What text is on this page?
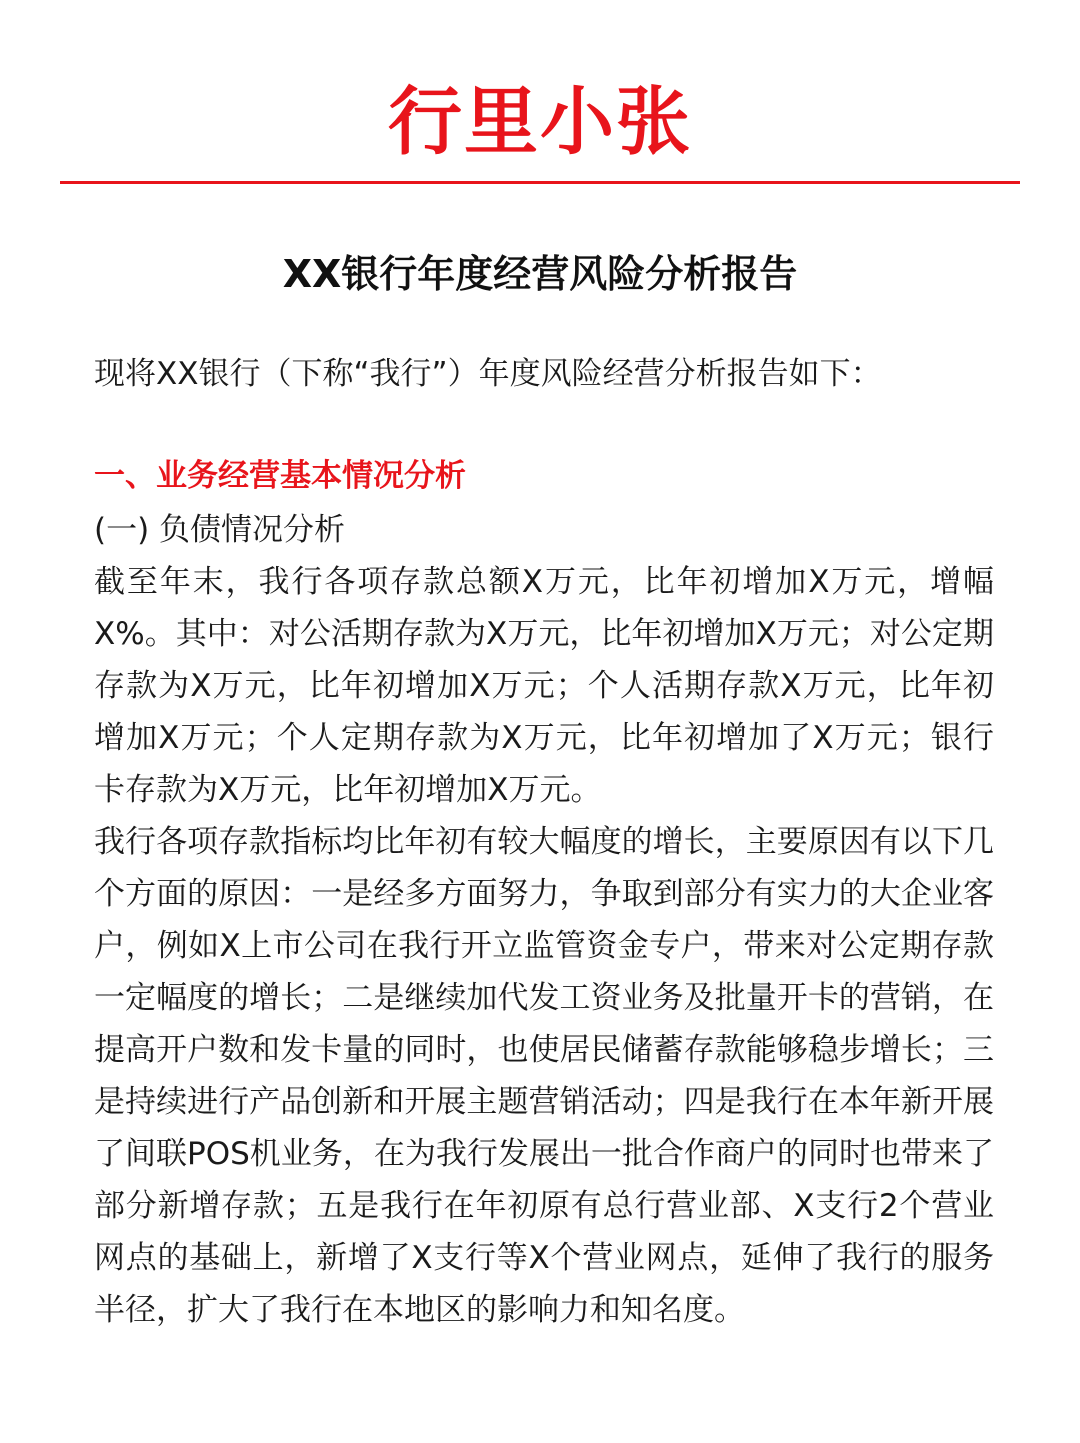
行里小张
XX银行年度经营风险分析报告

现将XX银行（下称“我行”）年度风险经营分析报告如下：

一、业务经营基本情况分析
(一) 负债情况分析

截至年末，我行各项存款总额X万元，比年初增加X万元，增幅X%。其中：对公活期存款为X万元，比年初增加X万元；对公定期存款为X万元，比年初增加X万元；个人活期存款X万元，比年初增加X万元；个人定期存款为X万元，比年初增加了X万元；银行卡存款为X万元，比年初增加X万元。

我行各项存款指标均比年初有较大幅度的增长，主要原因有以下几个方面的原因：一是经多方面努力，争取到部分有实力的大企业客户，例如X上市公司在我行开立监管资金专户，带来对公定期存款一定幅度的增长；二是继续加代发工资业务及批量开卡的营销，在提高开户数和发卡量的同时，也使居民储蓄存款能够稳步增长；三是持续进行产品创新和开展主题营销活动；四是我行在本年新开展了间联POS机业务，在为我行发展出一批合作商户的同时也带来了部分新增存款；五是我行在年初原有总行营业部、X支行2个营业网点的基础上，新增了X支行等X个营业网点，延伸了我行的服务半径，扩大了我行在本地区的影响力和知名度。
